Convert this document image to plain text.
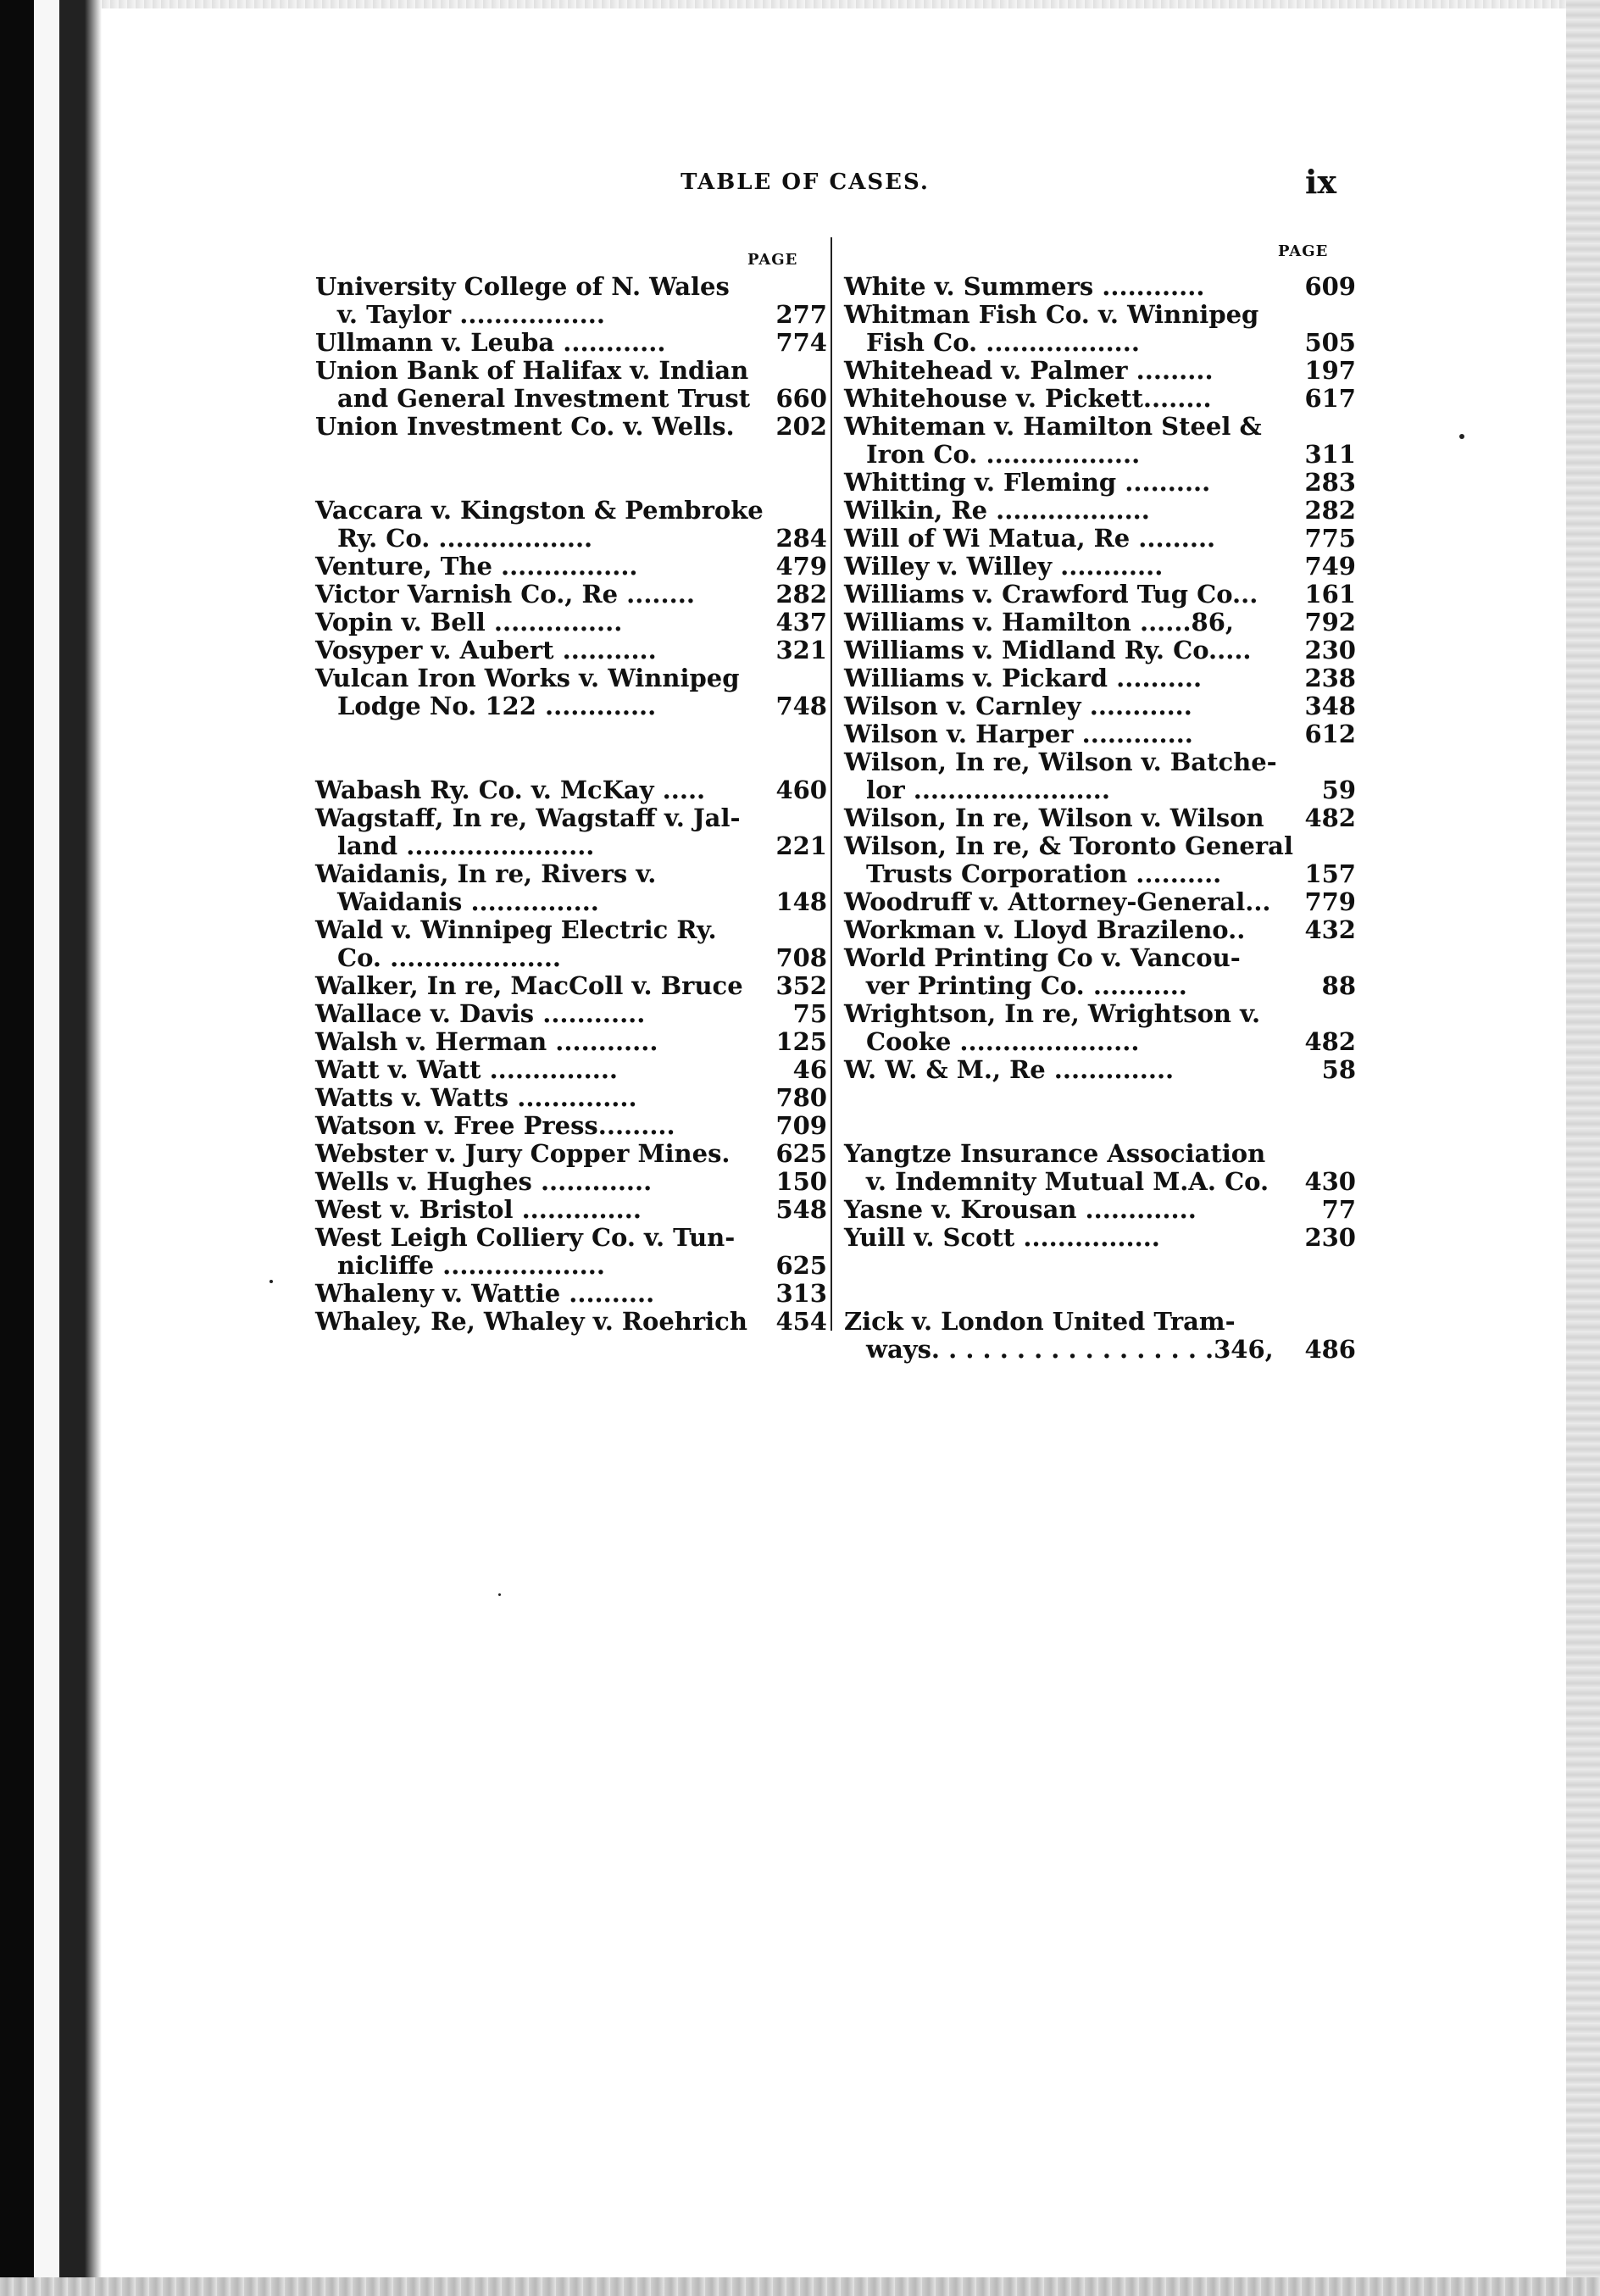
TABLE OF CASES.	ix
PAGE	PAGE
University College of N. Wales
v. Taylor .................	277
Ullmann v. Leuba ............	774
Union Bank of Halifax v. Indian
and General Investment Trust 660
Union Investment Co. v. Wells. 202
Vaccara v. Kingston & Pembroke
Ry. Co. ..................	284
Venture, The ................	479
Victor Varnish Co., Re ........	282
Vopin v. Bell ...............	437
Vosyper v. Aubert ...........	321
Vulcan Iron Works v. Winnipeg
Lodge No. 122 .............	748
Wabash Ry. Co. v. McKay .....	460
Wagstaff, In re, Wagstaff v. Jal-
land ......................	221
Waidanis, In re, Rivers v.
Waidanis ...............	148
Wald v. Winnipeg Electric Ry.
Co. ....................	708
Walker, In re, MacColl v. Bruce 352
Wallace v. Davis ............	75
Walsh v. Herman ............	125
Watt v. Watt ...............	46
Watts v. Watts ..............	780
Watson v. Free Press.........	709
Webster v. Jury Copper Mines. 625
Wells v. Hughes .............	150
West v. Bristol ..............	548
West Leigh Colliery Co. v. Tun-
nicliffe ...................	625
Whaleny v. Wattie ..........	313
Whaley, Re, Whaley v. Roehrich 454
White v. Summers ............	609
Whitman Fish Co. v. Winnipeg
Fish Co. ..................	505
Whitehead v. Palmer .........	197
Whitehouse v. Pickett........	617
Whiteman v. Hamilton Steel &
Iron Co. ..................	311
Whitting v. Fleming ..........	283
Wilkin, Re ..................	282
Will of Wi Matua, Re .........	775
Willey v. Willey ............	749
Williams v. Crawford Tug Co... 161
Williams v. Hamilton ......86,	792
Williams v. Midland Ry. Co..... 230
Williams v. Pickard ..........	238
Wilson v. Carnley ............	348
Wilson v. Harper .............	612
Wilson, In re, Wilson v. Batche-
lor .......................	59
Wilson, In re, Wilson v. Wilson 482
Wilson, In re, & Toronto General
Trusts Corporation ..........	157
Woodruff v. Attorney-General... 779
Workman v. Lloyd Brazileno.. 432
World Printing Co v. Vancou-
ver Printing Co. ...........	88
Wrightson, In re, Wrightson v.
Cooke .....................	482
W. W. & M., Re ..............	58
Yangtze Insurance Association
v. Indemnity Mutual M.A. Co. 430
Yasne v. Krousan .............	77
Yuill v. Scott ................	230
Zick v. London United Tram-
ways. . . . . . . . . . . . . . . . .346, 486
